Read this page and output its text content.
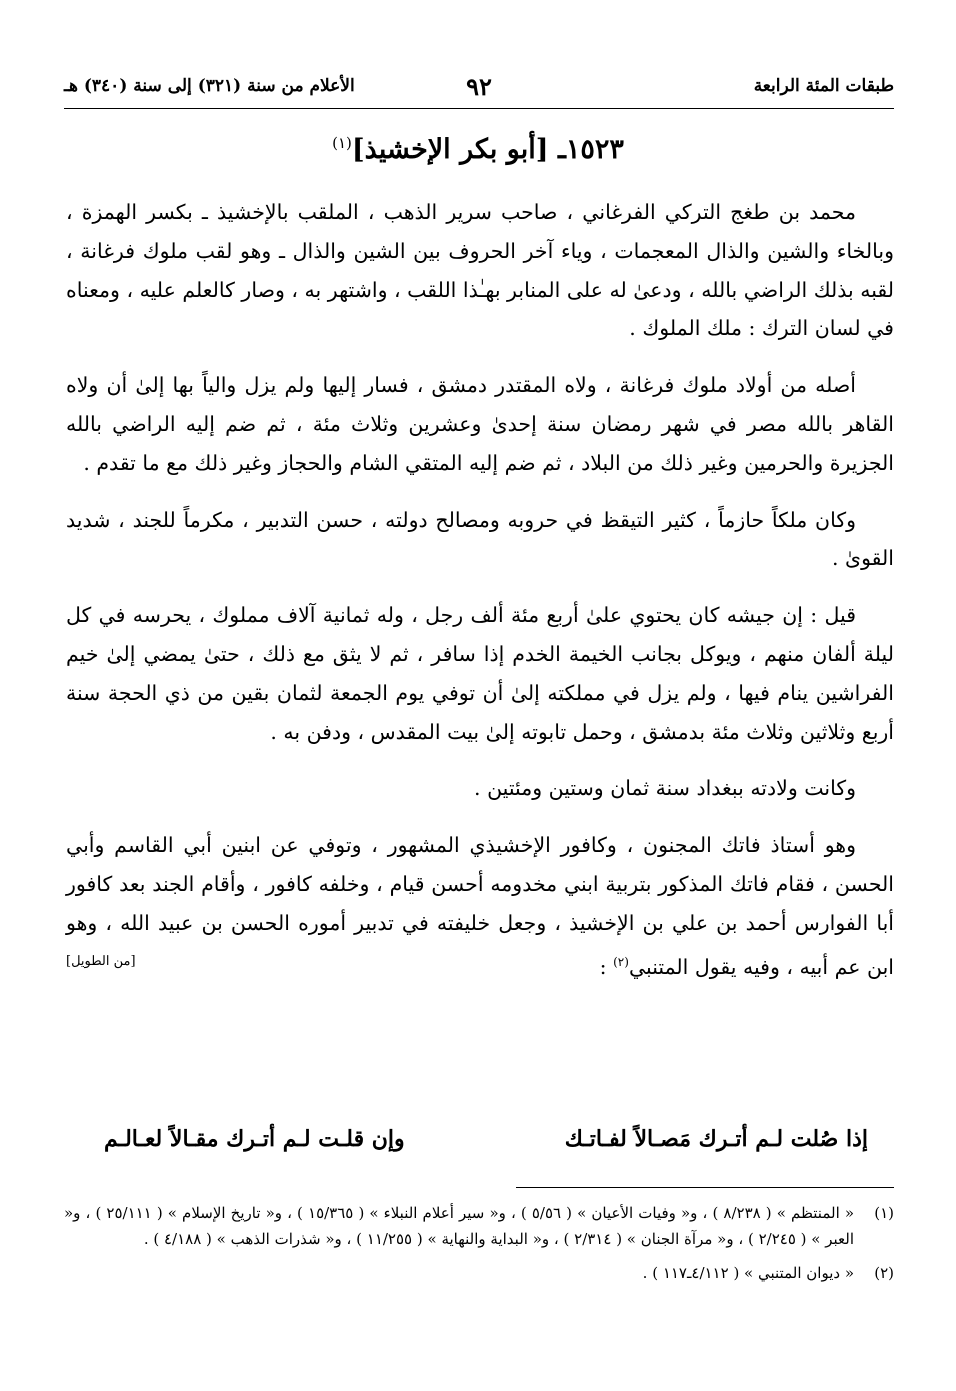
طبقات المئة الرابعة
٩٢
الأعلام من سنة (٣٢١) إلى سنة (٣٤٠) هـ
١٥٢٣ـ [أبو بكر الإخشيذ]$^{(١)}$

محمد بن طغج التركي الفرغاني ، صاحب سرير الذهب ، الملقب بالإخشيذ ـ بكسر الهمزة ، وبالخاء والشين والذال المعجمات ، وياء آخر الحروف بين الشين والذال ـ وهو لقب ملوك فرغانة ، لقبه بذلك الراضي بالله ، ودعىٰ له على المنابر بهـٰذا اللقب ، واشتهر به ، وصار كالعلم عليه ، ومعناه في لسان الترك : ملك الملوك .

أصله من أولاد ملوك فرغانة ، ولاه المقتدر دمشق ، فسار إليها ولم يزل والياً بها إلىٰ أن ولاه القاهر بالله مصر في شهر رمضان سنة إحدىٰ وعشرين وثلاث مئة ، ثم ضم إليه الراضي بالله الجزيرة والحرمين وغير ذلك من البلاد ، ثم ضم إليه المتقي الشام والحجاز وغير ذلك مع ما تقدم .

وكان ملكاً حازماً ، كثير التيقظ في حروبه ومصالح دولته ، حسن التدبير ، مكرماً للجند ، شديد القوىٰ .

قيل : إن جيشه كان يحتوي علىٰ أربع مئة ألف رجل ، وله ثمانية آلاف مملوك ، يحرسه في كل ليلة ألفان منهم ، ويوكل بجانب الخيمة الخدم إذا سافر ، ثم لا يثق مع ذلك ، حتىٰ يمضي إلىٰ خيم الفراشين ينام فيها ، ولم يزل في مملكته إلىٰ أن توفي يوم الجمعة لثمان بقين من ذي الحجة سنة أربع وثلاثين وثلاث مئة بدمشق ، وحمل تابوته إلىٰ بيت المقدس ، ودفن به .

وكانت ولادته ببغداد سنة ثمان وستين ومئتين .

وهو أستاذ فاتك المجنون ، وكافور الإخشيذي المشهور ، وتوفي عن ابنين أبي القاسم وأبي الحسن ، فقام فاتك المذكور بتربية ابني مخدومه أحسن قيام ، وخلفه كافور ، وأقام الجند بعد كافور أبا الفوارس أحمد بن علي بن الإخشيذ ، وجعل خليفته في تدبير أموره الحسن بن عبيد الله ، وهو ابن عم أبيه ، وفيه يقول المتنبي$^{(٢)}$ :
[من الطويل]

إذا صُلت لـم أتـرك مَصـالاً لفـاتـك
وإن قلـت لـم أتـرك مقـالاً لعـالـم
(١)
« المنتظم » ( ٨/٢٣٨ ) ، و« وفيات الأعيان » ( ٥/٥٦ ) ، و« سير أعلام النبلاء » ( ١٥/٣٦٥ ) ، و« تاريخ الإسلام » ( ٢٥/١١١ ) ، و« العبر » ( ٢/٢٤٥ ) ، و« مرآة الجنان » ( ٢/٣١٤ ) ، و« البداية والنهاية » ( ١١/٢٥٥ ) ، و« شذرات الذهب » ( ٤/١٨٨ ) .
(٢)
« ديوان المتنبي » ( ٤/١١٢ـ١١٧ ) .
